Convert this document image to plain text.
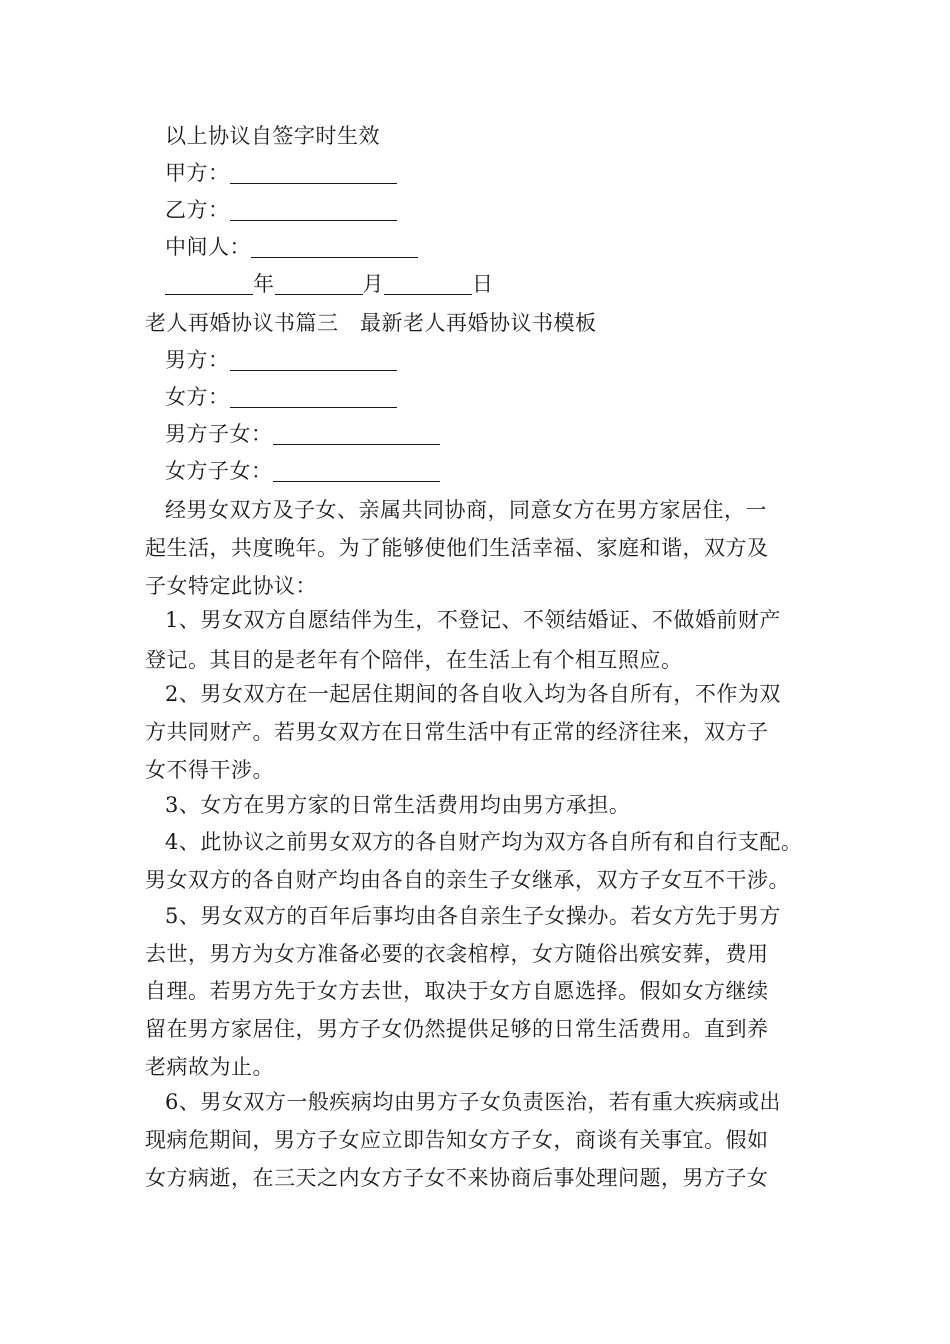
以上协议自签字时生效
甲方：
乙方：
中间人：
年	月	日
老人再婚协议书篇三　最新老人再婚协议书模板
男方：
女方：
男方子女：
女方子女：
经男女双方及子女、亲属共同协商，同意女方在男方家居住，一
起生活，共度晚年。为了能够使他们生活幸福、家庭和谐，双方及
子女特定此协议：
1、男女双方自愿结伴为生，不登记、不领结婚证、不做婚前财产
登记。其目的是老年有个陪伴，在生活上有个相互照应。
2、男女双方在一起居住期间的各自收入均为各自所有，不作为双
方共同财产。若男女双方在日常生活中有正常的经济往来，双方子
女不得干涉。
3、女方在男方家的日常生活费用均由男方承担。
4、此协议之前男女双方的各自财产均为双方各自所有和自行支配。
男女双方的各自财产均由各自的亲生子女继承，双方子女互不干涉。
5、男女双方的百年后事均由各自亲生子女操办。若女方先于男方
去世，男方为女方准备必要的衣衾棺椁，女方随俗出殡安葬，费用
自理。若男方先于女方去世，取决于女方自愿选择。假如女方继续
留在男方家居住，男方子女仍然提供足够的日常生活费用。直到养
老病故为止。
6、男女双方一般疾病均由男方子女负责医治，若有重大疾病或出
现病危期间，男方子女应立即告知女方子女，商谈有关事宜。假如
女方病逝，在三天之内女方子女不来协商后事处理问题，男方子女
